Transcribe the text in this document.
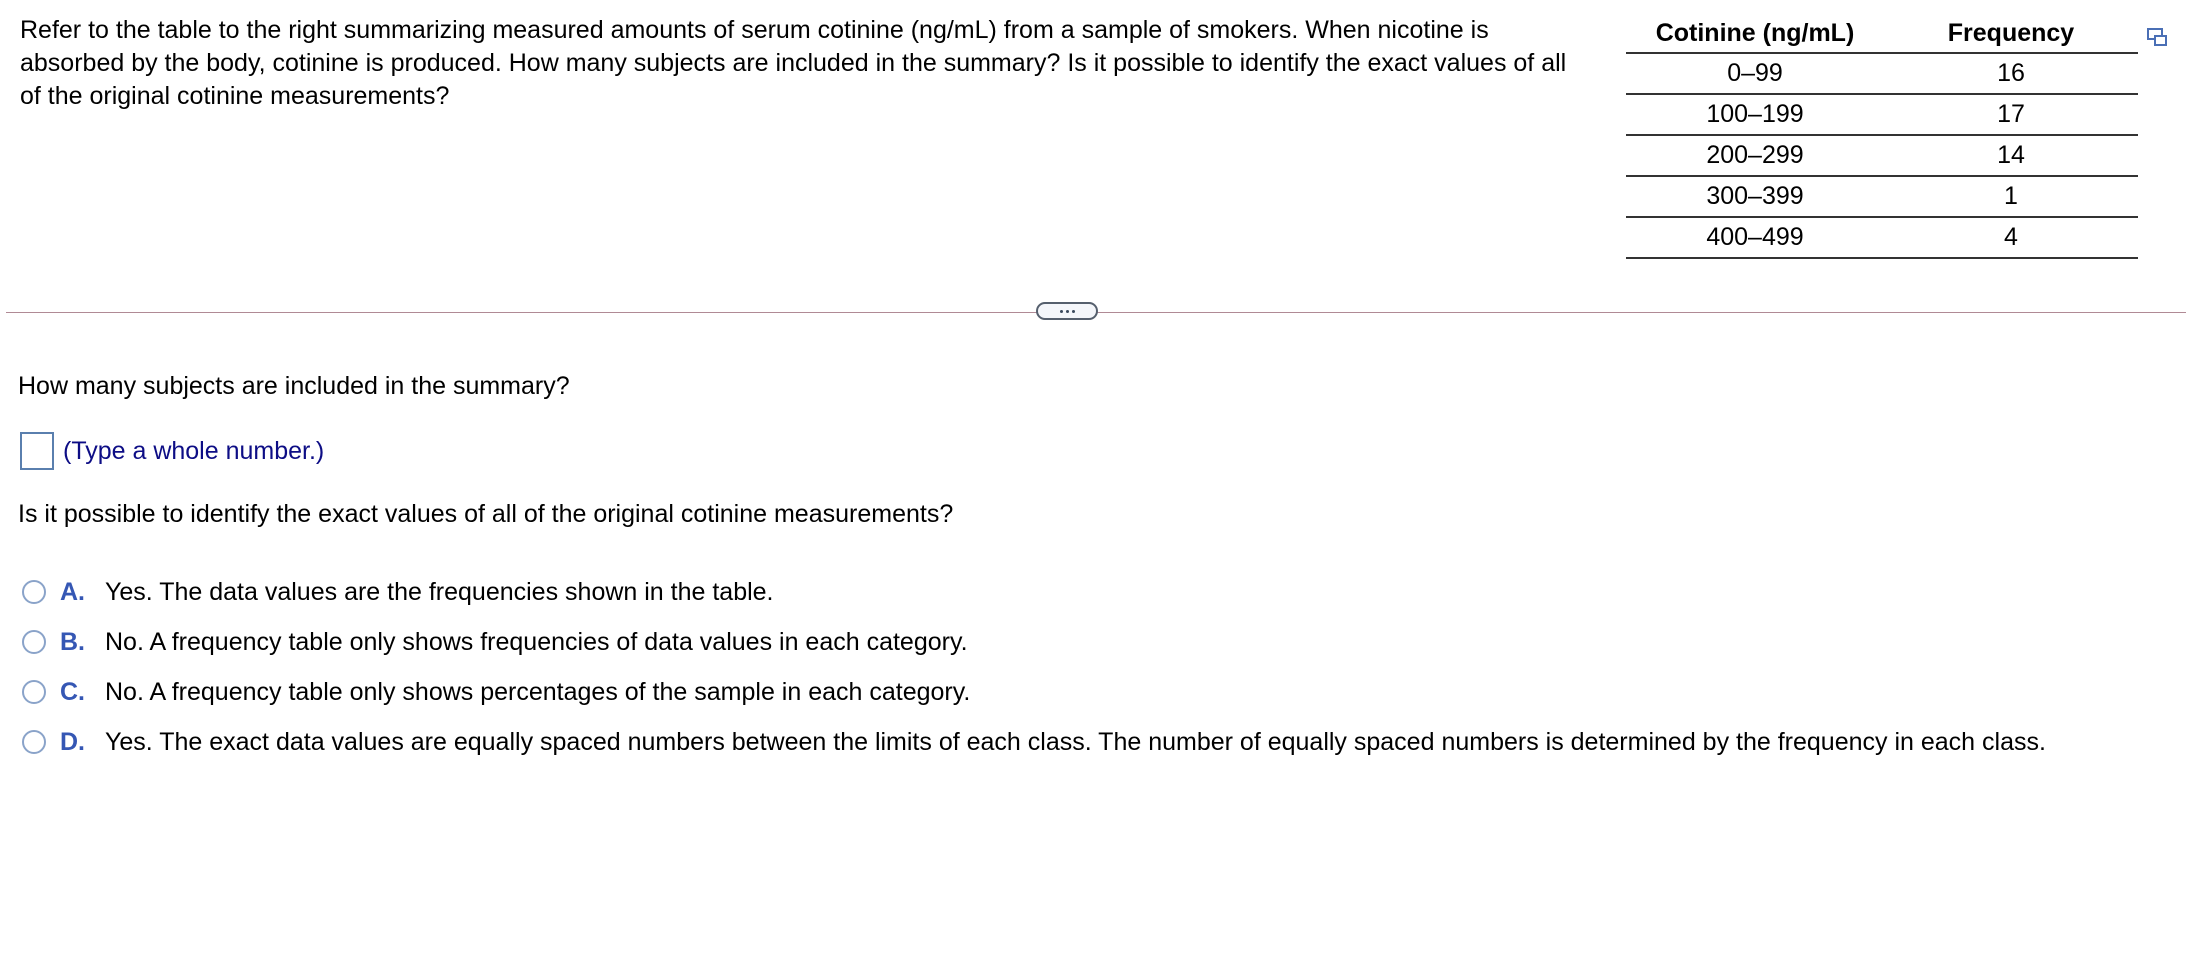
Refer to the table to the right summarizing measured amounts of serum cotinine (ng/mL) from a sample of smokers. When nicotine is absorbed by the body, cotinine is produced. How many subjects are included in the summary? Is it possible to identify the exact values of all of the original cotinine measurements?
Cotinine (ng/mL)	Frequency
0–99	16
100–199	17
200–299	14
300–399	1
400–499	4
How many subjects are included in the summary?
(Type a whole number.)
Is it possible to identify the exact values of all of the original cotinine measurements?
A. Yes. The data values are the frequencies shown in the table.
B. No. A frequency table only shows frequencies of data values in each category.
C. No. A frequency table only shows percentages of the sample in each category.
D. Yes. The exact data values are equally spaced numbers between the limits of each class. The number of equally spaced numbers is determined by the frequency in each class.
